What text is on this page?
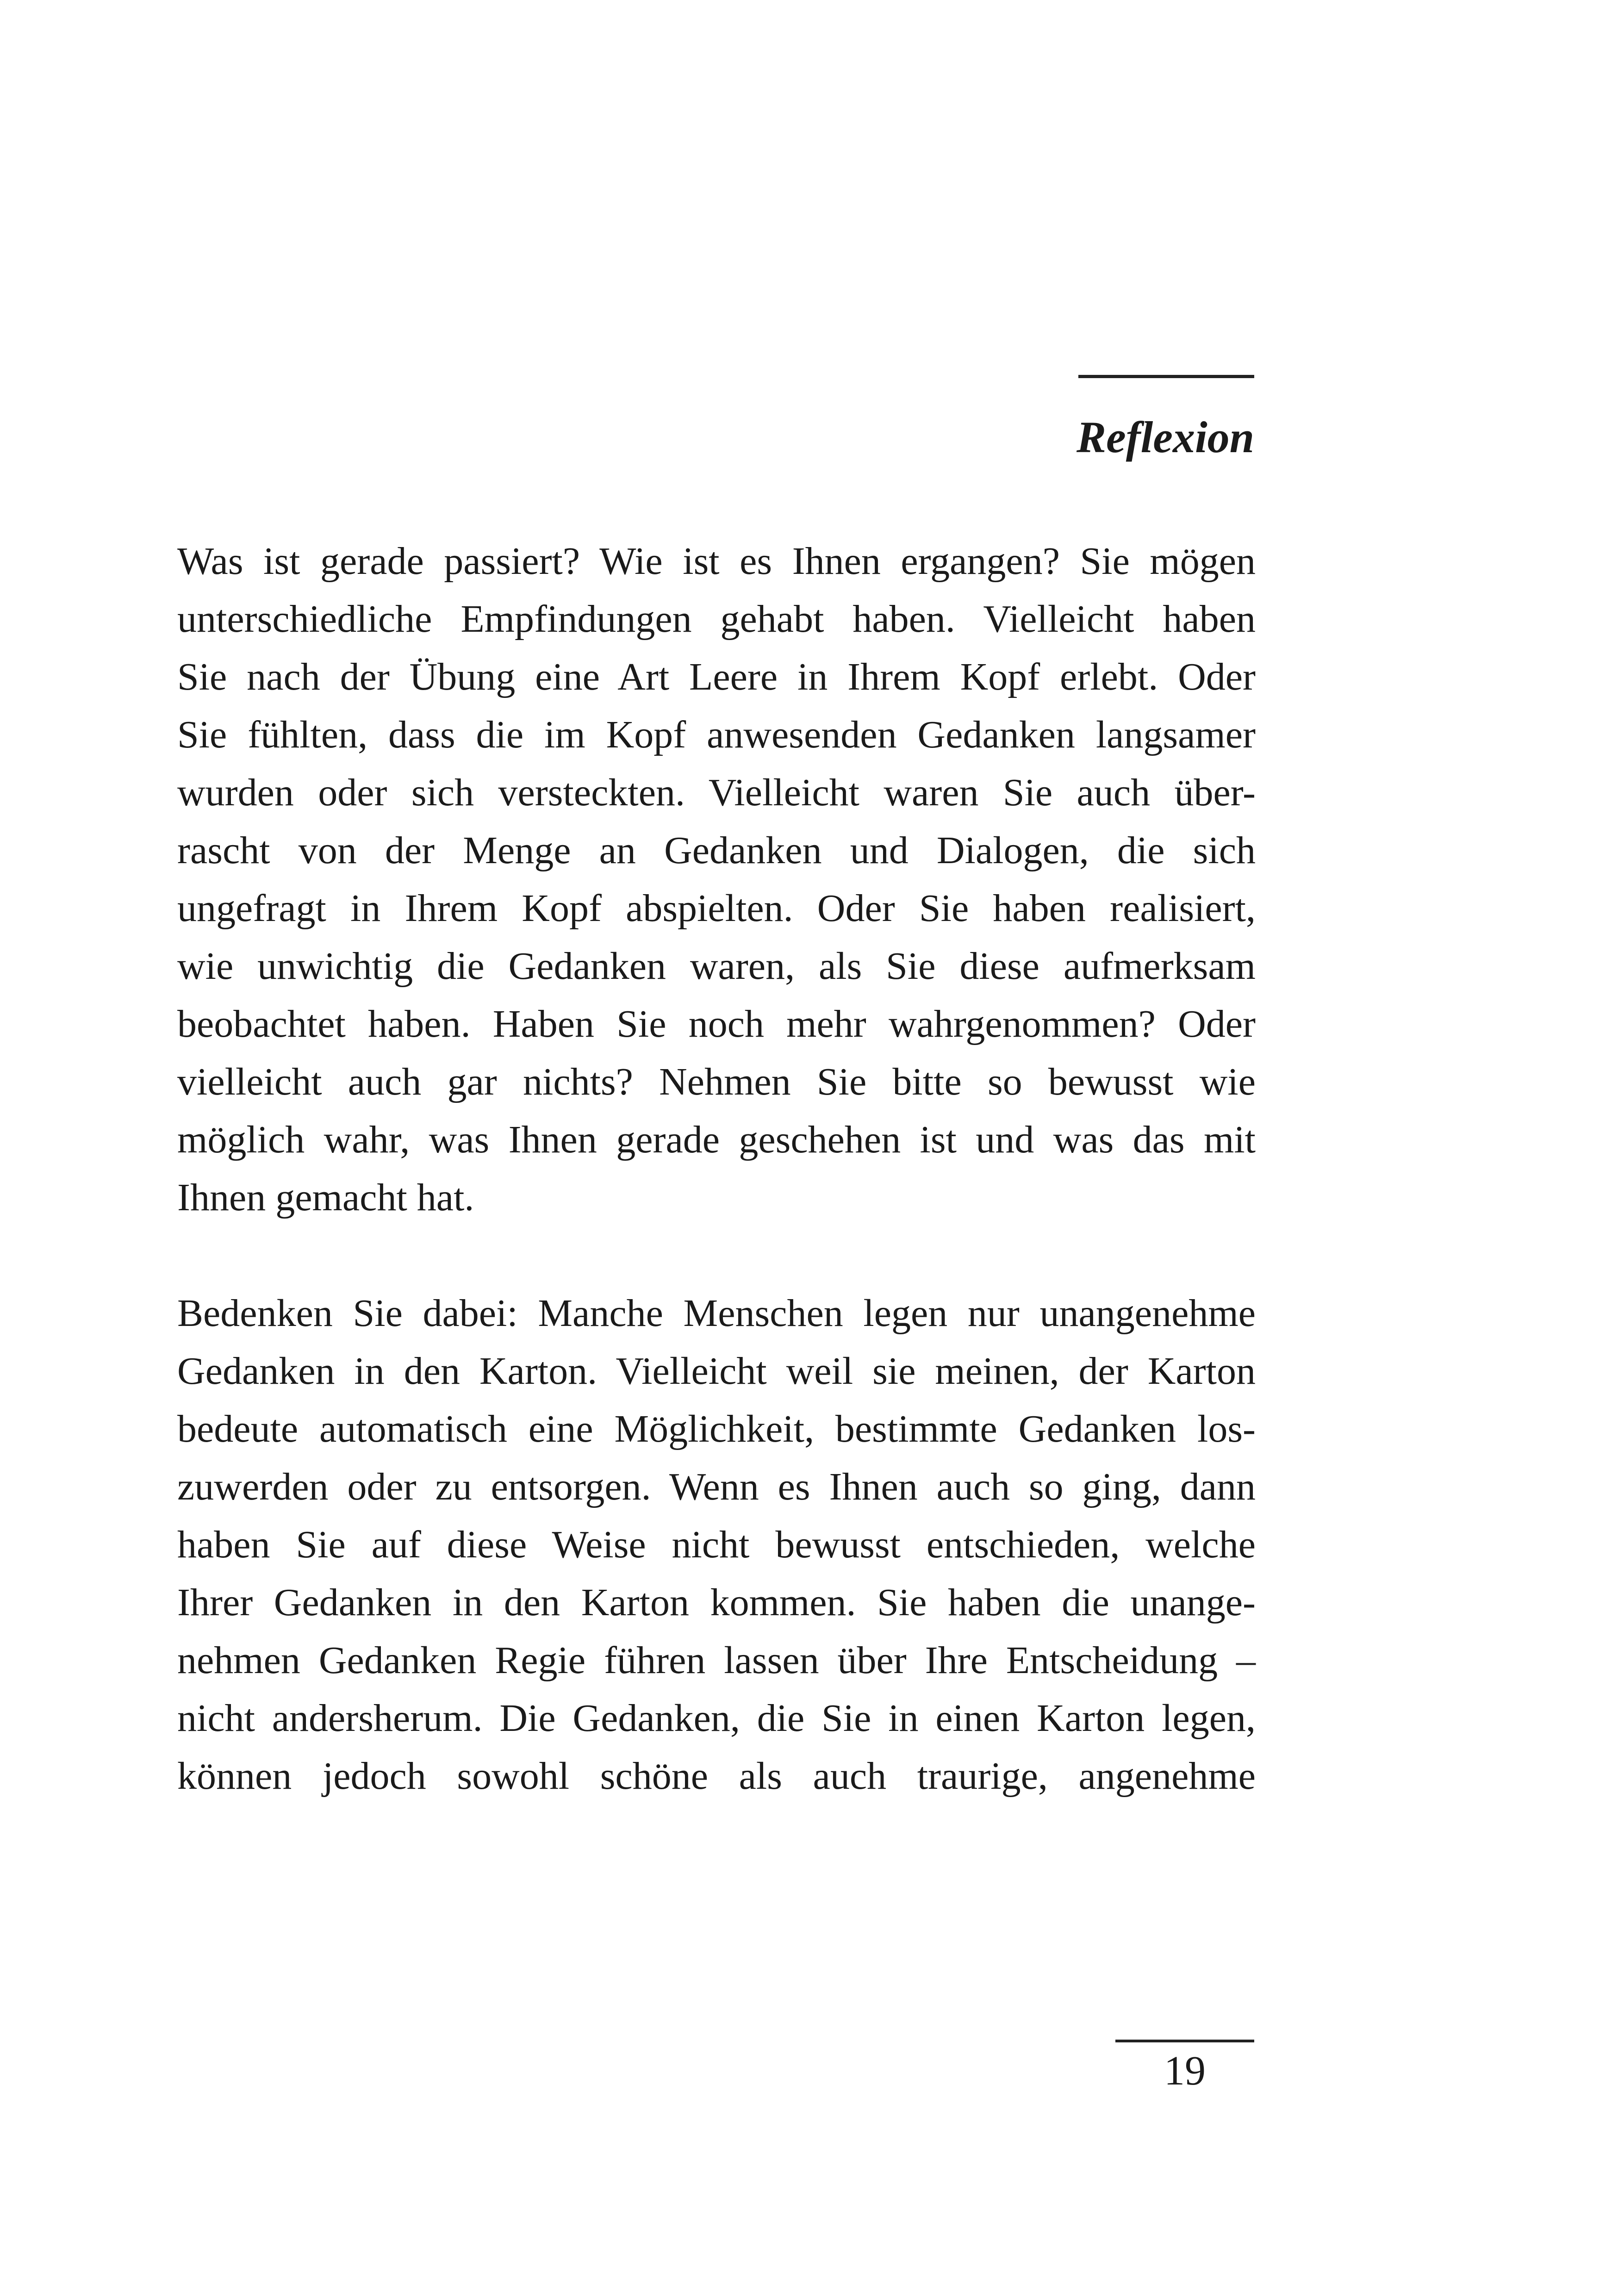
Reflexion

Was ist gerade passiert? Wie ist es Ihnen ergangen? Sie mögen
unterschiedliche Empfindungen gehabt haben. Vielleicht haben
Sie nach der Übung eine Art Leere in Ihrem Kopf erlebt. Oder
Sie fühlten, dass die im Kopf anwesenden Gedanken langsamer
wurden oder sich versteckten. Vielleicht waren Sie auch über-
rascht von der Menge an Gedanken und Dialogen, die sich
ungefragt in Ihrem Kopf abspielten. Oder Sie haben realisiert,
wie unwichtig die Gedanken waren, als Sie diese aufmerksam
beobachtet haben. Haben Sie noch mehr wahrgenommen? Oder
vielleicht auch gar nichts? Nehmen Sie bitte so bewusst wie
möglich wahr, was Ihnen gerade geschehen ist und was das mit
Ihnen gemacht hat.

Bedenken Sie dabei: Manche Menschen legen nur unangenehme
Gedanken in den Karton. Vielleicht weil sie meinen, der Karton
bedeute automatisch eine Möglichkeit, bestimmte Gedanken los-
zuwerden oder zu entsorgen. Wenn es Ihnen auch so ging, dann
haben Sie auf diese Weise nicht bewusst entschieden, welche
Ihrer Gedanken in den Karton kommen. Sie haben die unange-
nehmen Gedanken Regie führen lassen über Ihre Entscheidung –
nicht andersherum. Die Gedanken, die Sie in einen Karton legen,
können jedoch sowohl schöne als auch traurige, angenehme

19
